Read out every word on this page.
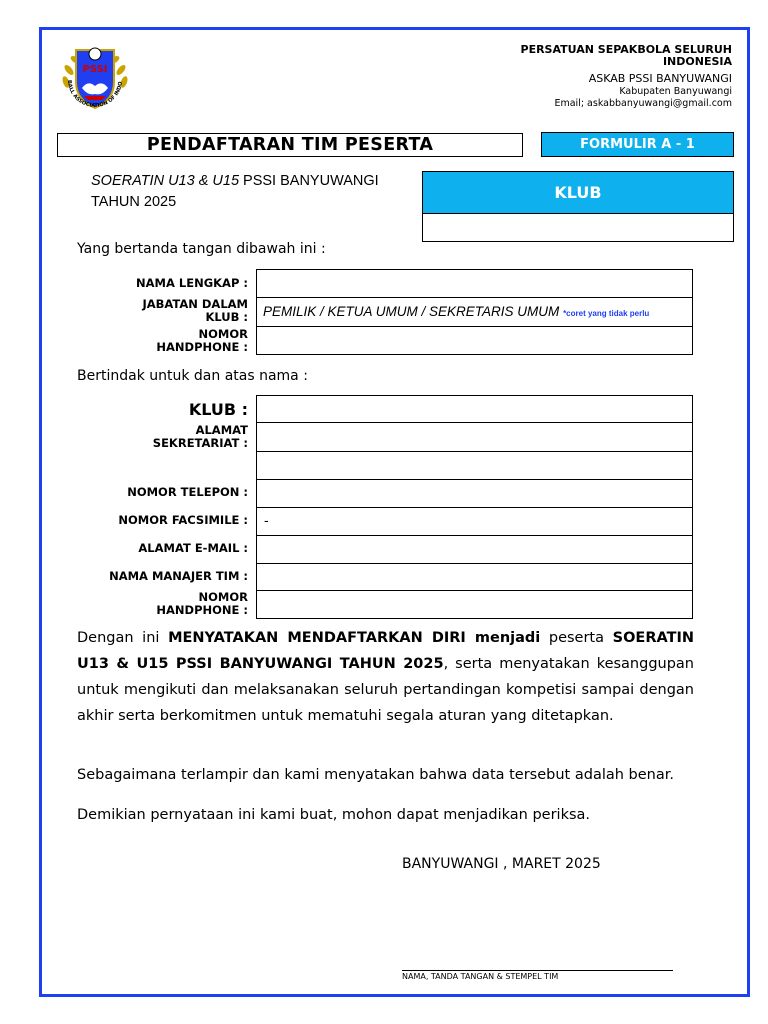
PSSI
BALL ASSOCIATION OF INDO
PERSATUAN SEPAKBOLA SELURUH INDONESIA
ASKAB PSSI BANYUWANGI
Kabupaten Banyuwangi
Email; askabbanyuwangi@gmail.com
PENDAFTARAN TIM PESERTA	FORMULIR A - 1
SOERATIN U13 & U15 PSSI BANYUWANGI
TAHUN 2025	KLUB
Yang bertanda tangan dibawah ini :
NAMA LENGKAP :
JABATAN DALAM KLUB :	PEMILIK / KETUA UMUM / SEKRETARIS UMUM *coret yang tidak perlu
NOMOR HANDPHONE :
Bertindak untuk dan atas nama :
KLUB :
ALAMAT SEKRETARIAT :
NOMOR TELEPON :
NOMOR FACSIMILE :	-
ALAMAT E-MAIL :
NAMA MANAJER TIM :
NOMOR HANDPHONE :
Dengan ini MENYATAKAN MENDAFTARKAN DIRI menjadi peserta SOERATIN U13 & U15 PSSI BANYUWANGI TAHUN 2025, serta menyatakan kesanggupan untuk mengikuti dan melaksanakan seluruh pertandingan kompetisi sampai dengan akhir serta berkomitmen untuk mematuhi segala aturan yang ditetapkan.
Sebagaimana terlampir dan kami menyatakan bahwa data tersebut adalah benar.
Demikian pernyataan ini kami buat, mohon dapat menjadikan periksa.
BANYUWANGI , MARET 2025
NAMA, TANDA TANGAN & STEMPEL TIM
